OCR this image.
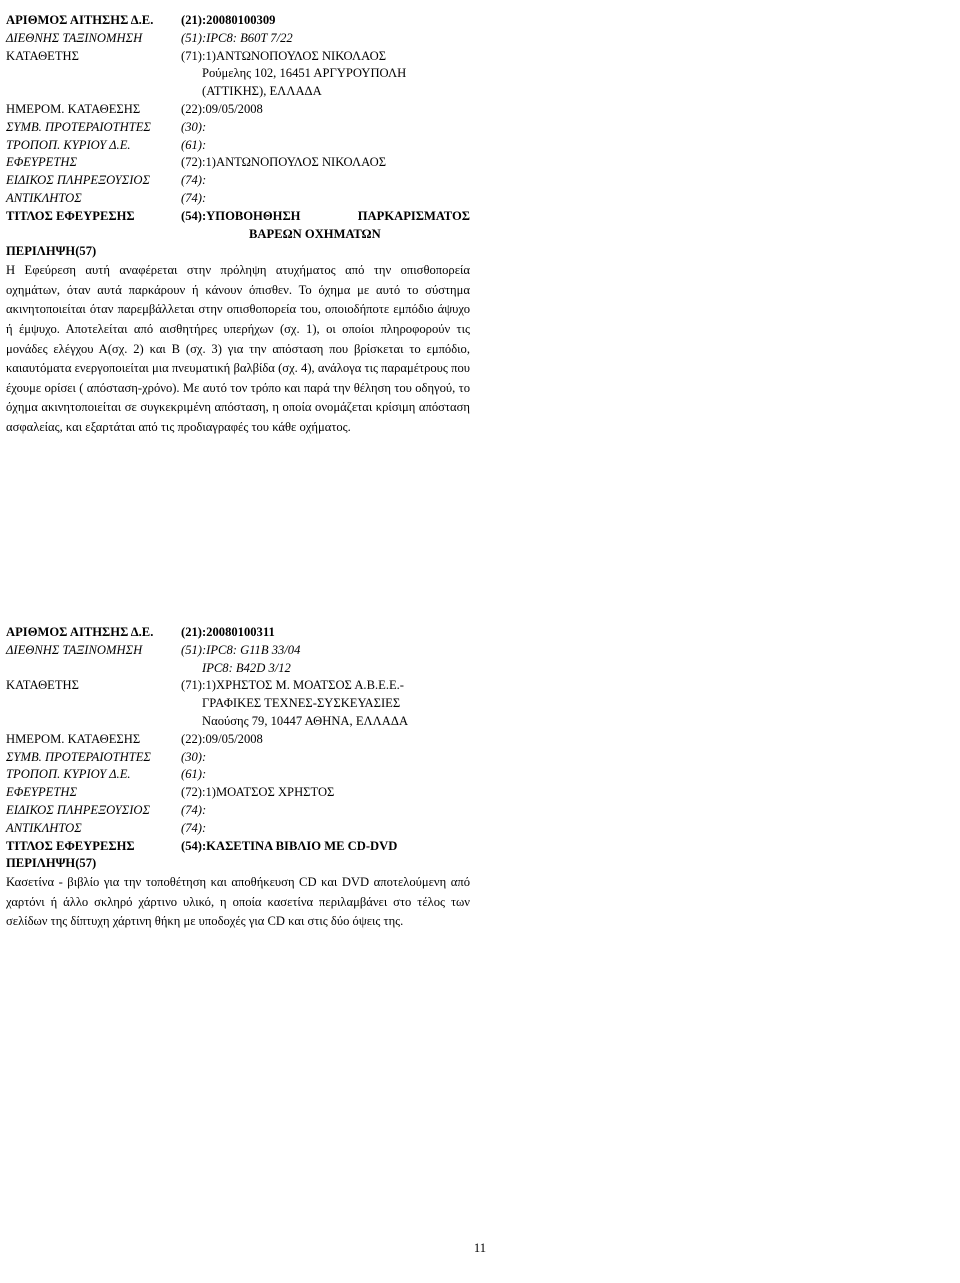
ΑΡΙΘΜΟΣ ΑΙΤΗΣΗΣ Δ.Ε.	(21):20080100309
ΔΙΕΘΝΗΣ ΤΑΞΙΝΟΜΗΣΗ	(51):IPC8: B60T 7/22
ΚΑΤΑΘΕΤΗΣ	(71):1)ΑΝΤΩΝΟΠΟΥΛΟΣ ΝΙΚΟΛΑΟΣ
Ρούμελης 102, 16451 ΑΡΓΥΡΟΥΠΟΛΗ
(ΑΤΤΙΚΗΣ), ΕΛΛΑΔΑ
ΗΜΕΡΟΜ. ΚΑΤΑΘΕΣΗΣ	(22):09/05/2008
ΣΥΜΒ. ΠΡΟΤΕΡΑΙΟΤΗΤΕΣ	(30):
ΤΡΟΠΟΠ. ΚΥΡΙΟΥ Δ.Ε.	(61):
ΕΦΕΥΡΕΤΗΣ	(72):1)ΑΝΤΩΝΟΠΟΥΛΟΣ ΝΙΚΟΛΑΟΣ
ΕΙΔΙΚΟΣ ΠΛΗΡΕΞΟΥΣΙΟΣ	(74):
ΑΝΤΙΚΛΗΤΟΣ	(74):
ΤΙΤΛΟΣ ΕΦΕΥΡΕΣΗΣ	(54):ΥΠΟΒΟΗΘΗΣΗ	ΠΑΡΚΑΡΙΣΜΑΤΟΣ
ΒΑΡΕΩΝ ΟΧΗΜΑΤΩΝ
ΠΕΡΙΛΗΨΗ(57)

Η Εφεύρεση αυτή αναφέρεται στην πρόληψη ατυχήματος από την οπισθοπορεία οχημάτων, όταν αυτά παρκάρουν ή κάνουν όπισθεν. Το όχημα με αυτό το σύστημα ακινητοποιείται όταν παρεμβάλλεται στην οπισθοπορεία του, οποιοδήποτε εμπόδιο άψυχο ή έμψυχο. Αποτελείται από αισθητήρες υπερήχων (σχ. 1), οι οποίοι πληροφορούν τις μονάδες ελέγχου Α(σχ. 2) και Β (σχ. 3) για την απόσταση που βρίσκεται το εμπόδιο, καιαυτόματα ενεργοποιείται μια πνευματική βαλβίδα (σχ. 4), ανάλογα τις παραμέτρους που έχουμε ορίσει ( απόσταση-χρόνο). Με αυτό τον τρόπο και παρά την θέληση του οδηγού, το όχημα ακινητοποιείται σε συγκεκριμένη απόσταση, η οποία ονομάζεται κρίσιμη απόσταση ασφαλείας, και εξαρτάται από τις προδιαγραφές του κάθε οχήματος.

ΑΡΙΘΜΟΣ ΑΙΤΗΣΗΣ Δ.Ε.	(21):20080100311
ΔΙΕΘΝΗΣ ΤΑΞΙΝΟΜΗΣΗ	(51):IPC8: G11B 33/04
IPC8: B42D 3/12
ΚΑΤΑΘΕΤΗΣ	(71):1)ΧΡΗΣΤΟΣ Μ. ΜΟΑΤΣΟΣ Α.Β.Ε.Ε.-
ΓΡΑΦΙΚΕΣ ΤΕΧΝΕΣ-ΣΥΣΚΕΥΑΣΙΕΣ
Ναούσης 79, 10447 ΑΘΗΝΑ, ΕΛΛΑΔΑ
ΗΜΕΡΟΜ. ΚΑΤΑΘΕΣΗΣ	(22):09/05/2008
ΣΥΜΒ. ΠΡΟΤΕΡΑΙΟΤΗΤΕΣ	(30):
ΤΡΟΠΟΠ. ΚΥΡΙΟΥ Δ.Ε.	(61):
ΕΦΕΥΡΕΤΗΣ	(72):1)ΜΟΑΤΣΟΣ ΧΡΗΣΤΟΣ
ΕΙΔΙΚΟΣ ΠΛΗΡΕΞΟΥΣΙΟΣ	(74):
ΑΝΤΙΚΛΗΤΟΣ	(74):
ΤΙΤΛΟΣ ΕΦΕΥΡΕΣΗΣ	(54):ΚΑΣΕΤΙΝΑ ΒΙΒΛΙΟ ΜΕ CD-DVD
ΠΕΡΙΛΗΨΗ(57)

Κασετίνα - βιβλίο για την τοποθέτηση και αποθήκευση CD και DVD αποτελούμενη από χαρτόνι ή άλλο σκληρό χάρτινο υλικό, η οποία κασετίνα περιλαμβάνει στο τέλος των σελίδων της δίπτυχη χάρτινη θήκη με υποδοχές για CD και στις δύο όψεις της.

11
